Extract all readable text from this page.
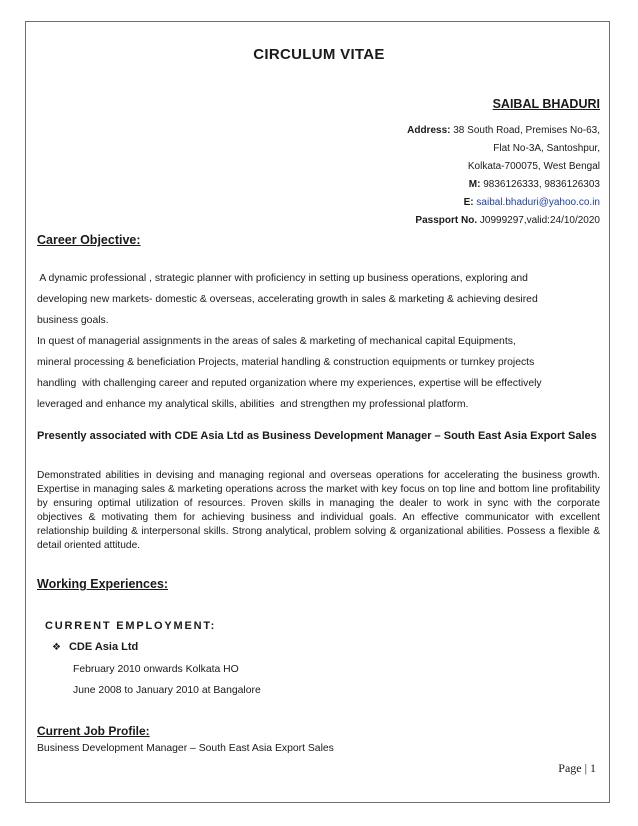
CIRCULUM VITAE
SAIBAL BHADURI
Address: 38 South Road, Premises No-63,
Flat No-3A, Santoshpur,
Kolkata-700075, West Bengal
M: 9836126333, 9836126303
E: saibal.bhaduri@yahoo.co.in
Passport No. J0999297,valid:24/10/2020
Career Objective:
A dynamic professional , strategic planner with proficiency in setting up business operations, exploring and
developing new markets- domestic & overseas, accelerating growth in sales & marketing & achieving desired
business goals.
In quest of managerial assignments in the areas of sales & marketing of mechanical capital Equipments,
mineral processing & beneficiation Projects, material handling & construction equipments or turnkey projects
handling  with challenging career and reputed organization where my experiences, expertise will be effectively
leveraged and enhance my analytical skills, abilities  and strengthen my professional platform.
Presently associated with CDE Asia Ltd as Business Development Manager – South East Asia Export Sales
Demonstrated abilities in devising and managing regional and overseas operations for accelerating the business growth. Expertise in managing sales & marketing operations across the market with key focus on top line and bottom line profitability by ensuring optimal utilization of resources. Proven skills in managing the dealer to work in sync with the corporate objectives & motivating them for achieving business and individual goals. An effective communicator with excellent relationship building & interpersonal skills. Strong analytical, problem solving & organizational abilities. Possess a flexible & detail oriented attitude.
Working Experiences:
CURRENT EMPLOYMENT:
❖ CDE Asia Ltd
February 2010 onwards Kolkata HO
June 2008 to January 2010 at Bangalore
Current Job Profile:
Business Development Manager – South East Asia Export Sales
Page | 1
